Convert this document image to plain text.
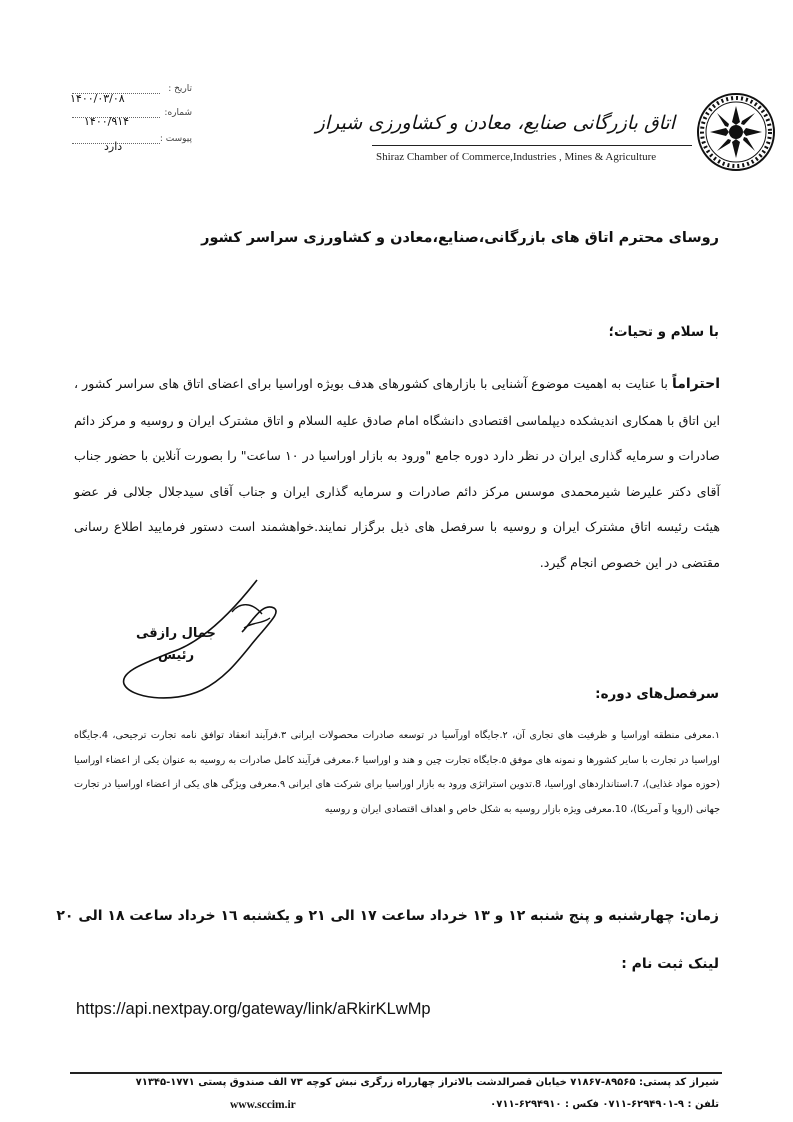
تاریخ :
۱۴۰۰/۰۳/۰۸
شماره:
۱۴۰۰/۹۱۴
پیوست :
دارد
اتاق بازرگانی صنایع، معادن و کشاورزی شیراز
Shiraz Chamber of Commerce,Industries , Mines & Agriculture
روسای محترم اتاق های بازرگانی،صنایع،معادن و کشاورزی سراسر کشور
با سلام و تحیات؛
احتراماً با عنایت به اهمیت موضوع آشنایی با بازارهای کشورهای هدف بویژه اوراسیا برای اعضای اتاق های سراسر کشور ، این اتاق با همکاری اندیشکده دیپلماسی اقتصادی دانشگاه امام صادق علیه السلام و اتاق مشترک ایران و روسیه و مرکز دائم صادرات و سرمایه گذاری ایران در نظر دارد دوره جامع "ورود به بازار اوراسیا در ۱۰ ساعت" را بصورت آنلاین با حضور جناب آقای دکتر علیرضا شیرمحمدی موسس مرکز دائم صادرات و سرمایه گذاری ایران و جناب آقای سیدجلال جلالی فر عضو هیئت رئیسه اتاق مشترک ایران و روسیه با سرفصل های ذیل برگزار نمایند.خواهشمند است دستور فرمایید اطلاع رسانی مقتضی در این خصوص انجام گیرد.
جمال رازقی
رئیس
سرفصل‌های دوره:
۱.معرفی منطقه اوراسیا و ظرفیت های تجاری آن، ۲.جایگاه اورآسیا در توسعه صادرات محصولات ایرانی ۳.فرآیند انعقاد توافق نامه تجارت ترجیحی، 4.جایگاه اوراسیا در تجارت با سایر کشورها و نمونه های موفق ۵.جایگاه تجارت چین و هند و اوراسیا ۶.معرفی فرآیند کامل صادرات به روسیه به عنوان یکی از اعضاء اوراسیا (حوزه مواد غذایی)، 7.استانداردهای اوراسیا، 8.تدوین استراتژی ورود به بازار اوراسیا برای شرکت های ایرانی ۹.معرفی ویژگی های یکی از اعضاء اوراسیا در تجارت جهانی (اروپا و آمریکا)، 10.معرفی ویژه بازار روسیه به شکل خاص و اهداف اقتصادی ایران و روسیه
زمان: چهارشنبه و پنج شنبه ۱۲ و ۱۳ خرداد ساعت ۱۷ الی ۲۱ و یکشنبه ۱٦ خرداد ساعت ۱۸ الی ۲۰
لینک ثبت نام :
https://api.nextpay.org/gateway/link/aRkirKLwMp
شیراز کد پستی: ۸۹۵۶۵-۷۱۸۶۷ خیابان قصرالدشت بالاتراز چهارراه زرگری نبش کوچه ۷۳ الف صندوق پستی ۱۷۷۱-۷۱۳۴۵
www.sccim.ir	تلفن : ۹-۶۲۹۴۹۰۱-۰۷۱۱ فکس : ۶۲۹۴۹۱۰-۰۷۱۱
